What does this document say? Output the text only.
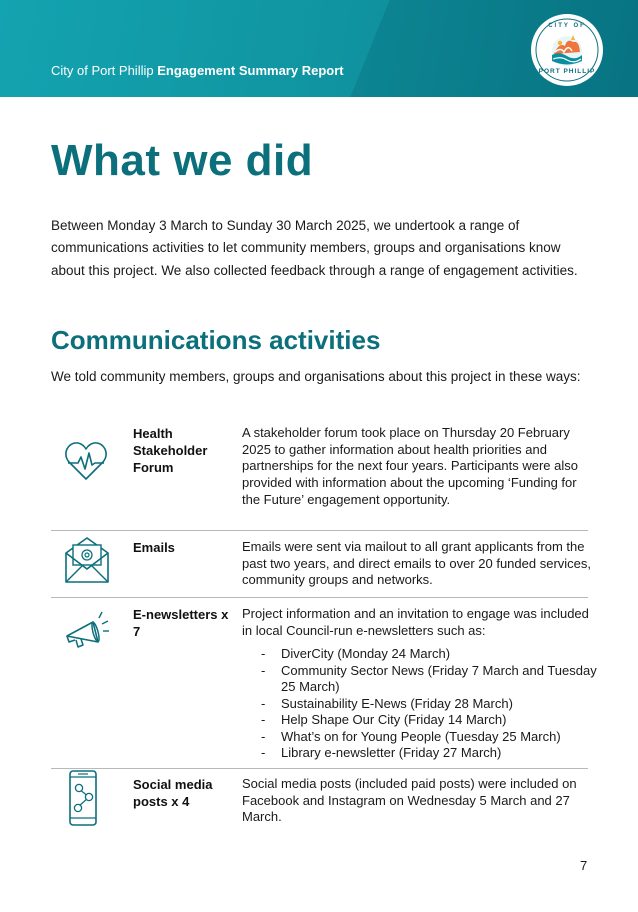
City of Port Phillip Engagement Summary Report
CITY OF
PORT PHILLIP
What we did

Between Monday 3 March to Sunday 30 March 2025, we undertook a range of communications activities to let community members, groups and organisations know about this project. We also collected feedback through a range of engagement activities.

Communications activities

We told community members, groups and organisations about this project in these ways:

Health Stakeholder Forum

A stakeholder forum took place on Thursday 20 February 2025 to gather information about health priorities and partnerships for the next four years. Participants were also provided with information about the upcoming ‘Funding for the Future’ engagement opportunity.

Emails	Emails were sent via mailout to all grant applicants from the past two years, and direct emails to over 20 funded services, community groups and networks.

E-newsletters x 7

Project information and an invitation to engage was included in local Council-run e-newsletters such as:

- DiverCity (Monday 24 March)
- Community Sector News (Friday 7 March and Tuesday 25 March)
- Sustainability E-News (Friday 28 March)
- Help Shape Our City (Friday 14 March)
- What’s on for Young People (Tuesday 25 March)
- Library e-newsletter (Friday 27 March)

Social media posts x 4

Social media posts (included paid posts) were included on Facebook and Instagram on Wednesday 5 March and 27 March.

7
